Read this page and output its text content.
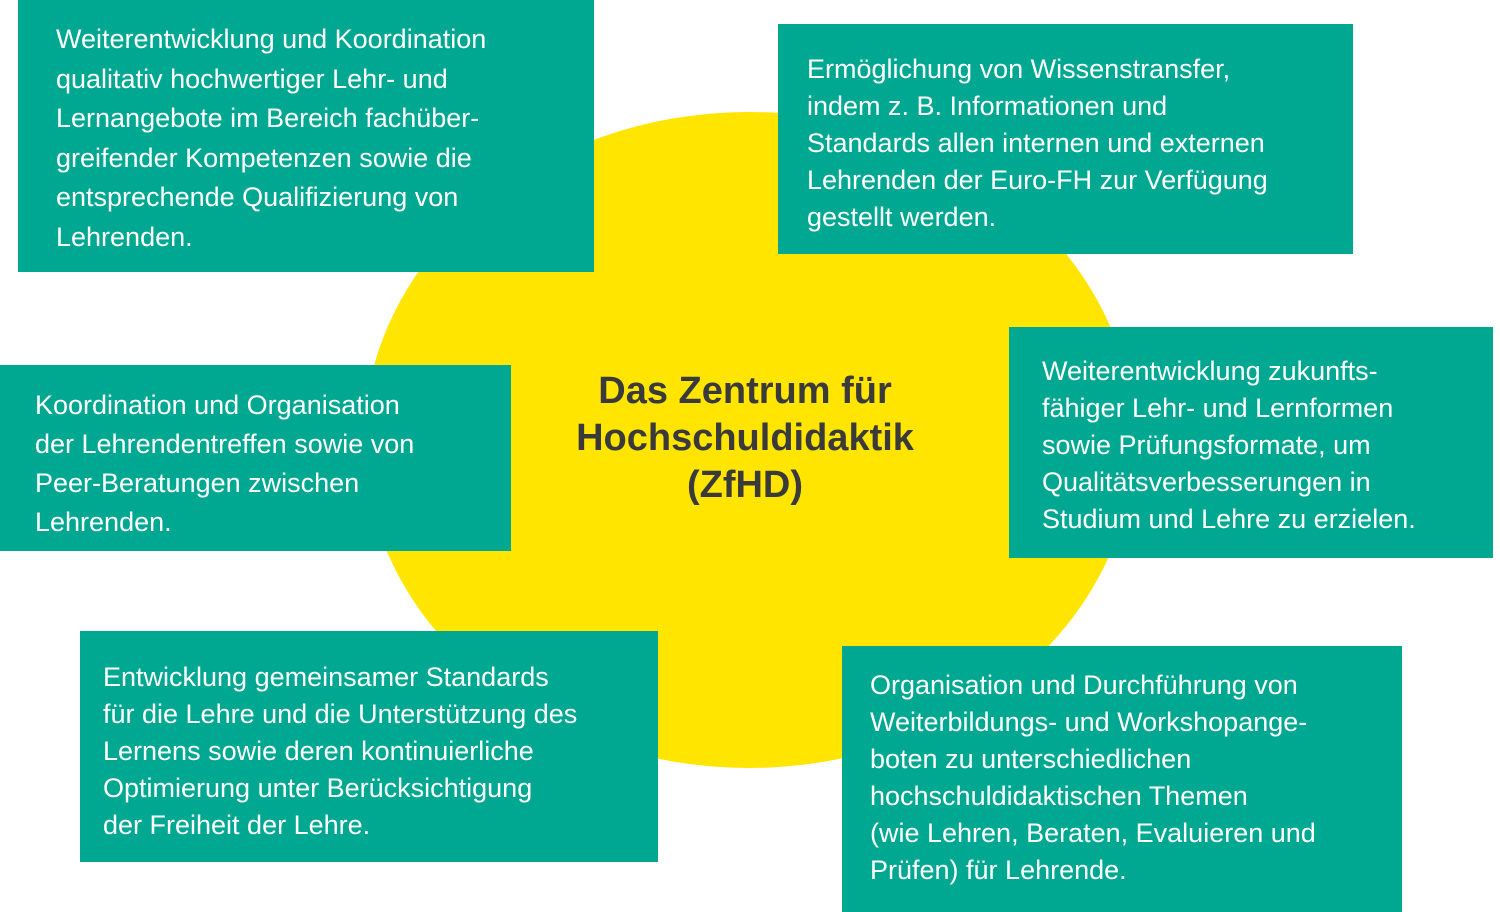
Das Zentrum für
Hochschuldidaktik
(ZfHD)
Weiterentwicklung und Koordination
qualitativ hochwertiger Lehr- und
Lernangebote im Bereich fachüber-
greifender Kompetenzen sowie die
entsprechende Qualifizierung von
Lehrenden.
Ermöglichung von Wissenstransfer,
indem z. B. Informationen und
Standards allen internen und externen
Lehrenden der Euro-FH zur Verfügung
gestellt werden.
Weiterentwicklung zukunfts-
fähiger Lehr- und Lernformen
sowie Prüfungsformate, um
Qualitätsverbesserungen in
Studium und Lehre zu erzielen.
Koordination und Organisation
der Lehrendentreffen sowie von
Peer-Beratungen zwischen
Lehrenden.
Entwicklung gemeinsamer Standards
für die Lehre und die Unterstützung des
Lernens sowie deren kontinuierliche
Optimierung unter Berücksichtigung
der Freiheit der Lehre.
Organisation und Durchführung von
Weiterbildungs- und Workshopange-
boten zu unterschiedlichen
hochschuldidaktischen Themen
(wie Lehren, Beraten, Evaluieren und
Prüfen) für Lehrende.
